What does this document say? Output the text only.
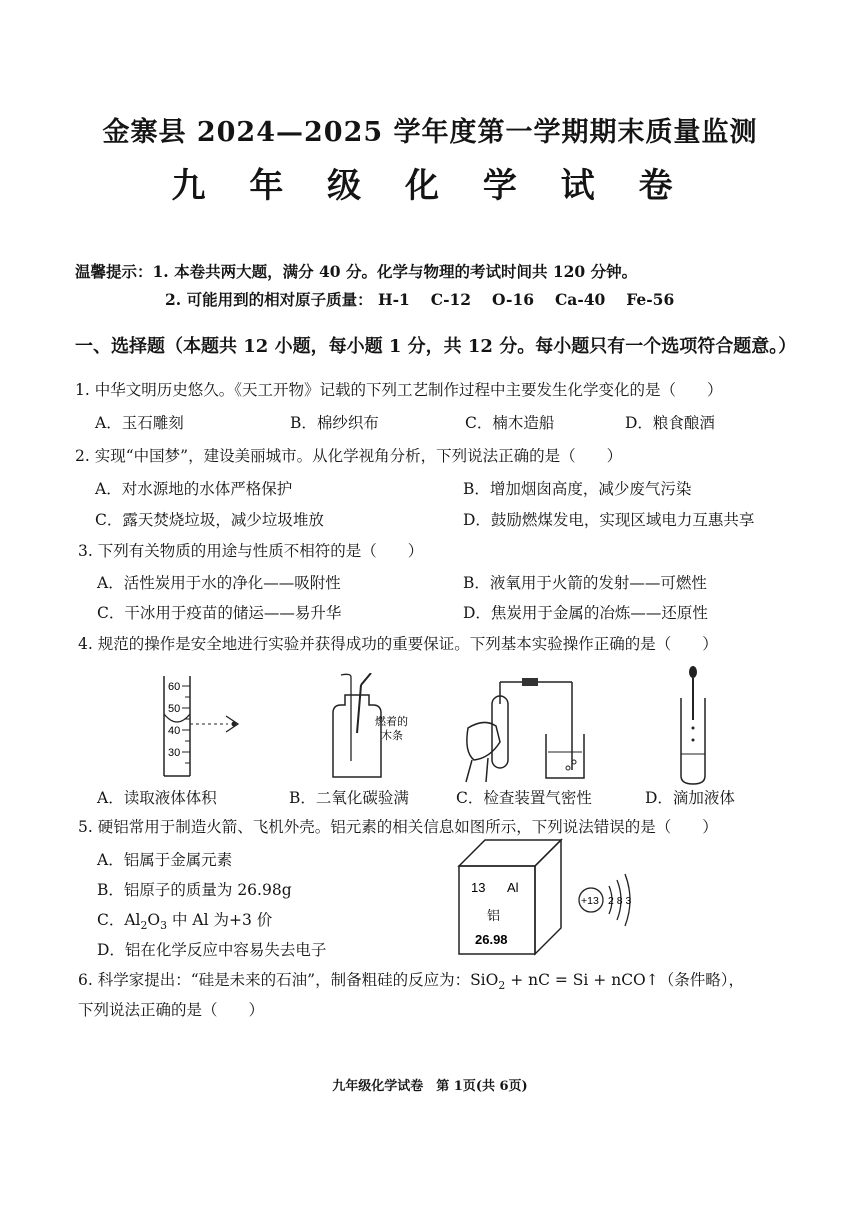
金寨县 2024—2025 学年度第一学期期末质量监测
九 年 级 化 学 试 卷
温馨提示：1. 本卷共两大题，满分 40 分。化学与物理的考试时间共 120 分钟。
2. 可能用到的相对原子质量： H-1　 C-12　 O-16　 Ca-40　 Fe-56
一、选择题（本题共 12 小题，每小题 1 分，共 12 分。每小题只有一个选项符合题意。）
1. 中华文明历史悠久。《天工开物》记载的下列工艺制作过程中主要发生化学变化的是（　　）
A．玉石雕刻	B．棉纱织布	C．楠木造船	D．粮食酿酒
2. 实现“中国梦”，建设美丽城市。从化学视角分析，下列说法正确的是（　　）
A．对水源地的水体严格保护	B．增加烟囱高度，减少废气污染
C．露天焚烧垃圾，减少垃圾堆放	D．鼓励燃煤发电，实现区域电力互惠共享
3. 下列有关物质的用途与性质不相符的是（　　）
A．活性炭用于水的净化——吸附性	B．液氧用于火箭的发射——可燃性
C．干冰用于疫苗的储运——易升华	D．焦炭用于金属的冶炼——还原性
4. 规范的操作是安全地进行实验并获得成功的重要保证。下列基本实验操作正确的是（　　）
60
50
40
30
燃着的
木条
A．读取液体体积	B．二氧化碳验满	C．检查装置气密性	D．滴加液体
5. 硬铝常用于制造火箭、飞机外壳。铝元素的相关信息如图所示，下列说法错误的是（　　）
A．铝属于金属元素
B．铝原子的质量为 26.98g
C．$Al_2O_3$ 中 Al 为+3 价
D．铝在化学反应中容易失去电子
13 Al
铝
26.98
+13 2 8 3
6. 科学家提出：“硅是未来的石油”，制备粗硅的反应为：SiO$_2$ + nC = Si + nCO↑（条件略），
下列说法正确的是（　　）
九年级化学试卷　第 1页(共 6页)
